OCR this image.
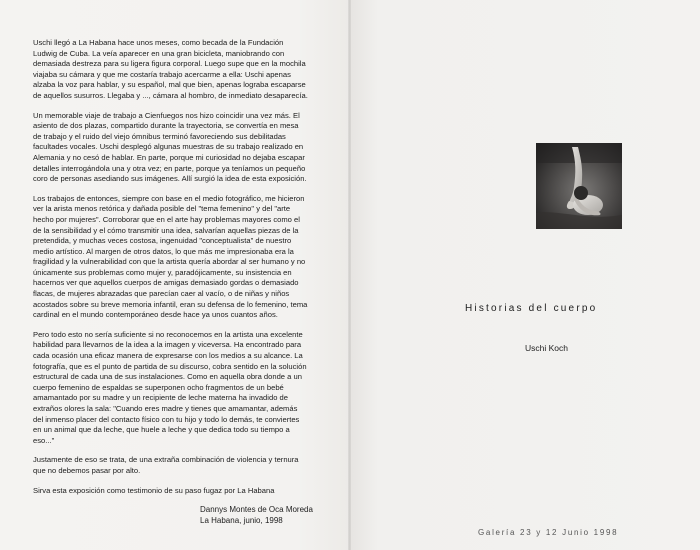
Uschi llegó a La Habana hace unos meses, como becada de la Fundación
Ludwig de Cuba. La veía aparecer en una gran bicicleta, maniobrando con
demasiada destreza para su ligera figura corporal. Luego supe que en la mochila
viajaba su cámara y que me costaría trabajo acercarme a ella: Uschi apenas
alzaba la voz para hablar, y su español, mal que bien, apenas lograba escaparse
de aquellos susurros. Llegaba y ..., cámara al hombro, de inmediato desaparecía.

Un memorable viaje de trabajo a Cienfuegos nos hizo coincidir una vez más. El
asiento de dos plazas, compartido durante la trayectoria, se convertía en mesa
de trabajo y el ruido del viejo ómnibus terminó favoreciendo sus debilitadas
facultades vocales. Uschi desplegó algunas muestras de su trabajo realizado en
Alemania y no cesó de hablar. En parte, porque mi curiosidad no dejaba escapar
detalles interrogándola una y otra vez; en parte, porque ya teníamos un pequeño
coro de personas asediando sus imágenes. Allí surgió la idea de esta exposición.

Los trabajos de entonces, siempre con base en el medio fotográfico, me hicieron
ver la arista menos retórica y dañada posible del "tema femenino" y del "arte
hecho por mujeres". Corroborar que en el arte hay problemas mayores como el
de la sensibilidad y el cómo transmitir una idea, salvarían aquellas piezas de la
pretendida, y muchas veces costosa, ingenuidad "conceptualista" de nuestro
medio artístico. Al margen de otros datos, lo que más me impresionaba era la
fragilidad y la vulnerabilidad con que la artista quería abordar al ser humano y no
únicamente sus problemas como mujer y, paradójicamente, su insistencia en
hacernos ver que aquellos cuerpos de amigas demasiado gordas o demasiado
flacas, de mujeres abrazadas que parecían caer al vacío, o de niñas y niños
acostados sobre su breve memoria infantil, eran su defensa de lo femenino, tema
cardinal en el mundo contemporáneo desde hace ya unos cuantos años.

Pero todo esto no sería suficiente si no reconocemos en la artista una excelente
habilidad para llevarnos de la idea a la imagen y viceversa. Ha encontrado para
cada ocasión una eficaz manera de expresarse con los medios a su alcance. La
fotografía, que es el punto de partida de su discurso, cobra sentido en la solución
estructural de cada una de sus instalaciones. Como en aquella obra donde a un
cuerpo femenino de espaldas se superponen ocho fragmentos de un bebé
amamantado por su madre y un recipiente de leche materna ha invadido de
extraños olores la sala: "Cuando eres madre y tienes que amamantar, además
del inmenso placer del contacto físico con tu hijo y todo lo demás, te conviertes
en un animal que da leche, que huele a leche y que dedica todo su tiempo a
eso..."

Justamente de eso se trata, de una extraña combinación de violencia y ternura
que no debemos pasar por alto.

Sirva esta exposición como testimonio de su paso fugaz por La Habana

Dannys Montes de Oca Moreda
La Habana, junio, 1998
Historias del cuerpo
Uschi Koch
Galería 23 y 12 Junio 1998
